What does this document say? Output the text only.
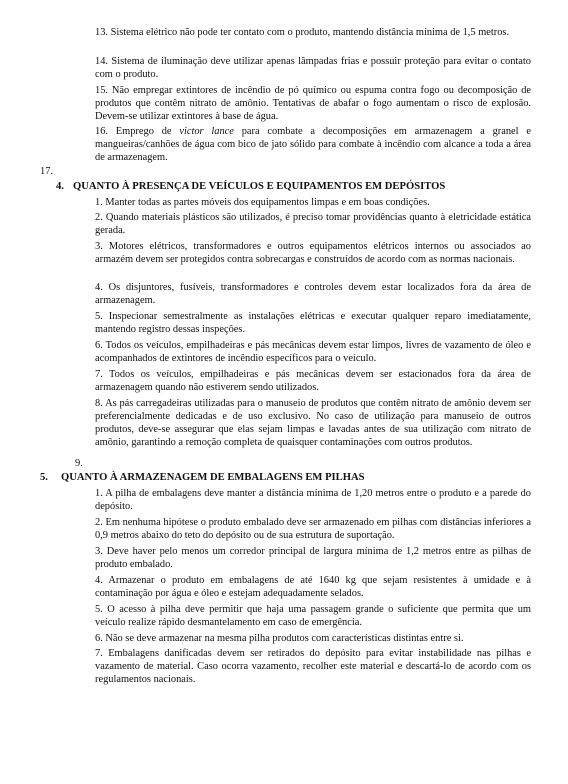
13. Sistema elétrico não pode ter contato com o produto, mantendo distância mínima de 1,5 metros.
14. Sistema de iluminação deve utilizar apenas lâmpadas frias e possuir proteção para evitar o contato com o produto.
15. Não empregar extintores de incêndio de pó químico ou espuma contra fogo ou decomposição de produtos que contêm nitrato de amônio. Tentativas de abafar o fogo aumentam o risco de explosão. Devem-se utilizar extintores à base de água.
16. Emprego de victor lance para combate a decomposições em armazenagem a granel e mangueiras/canhões de água com bico de jato sólido para combate à incêndio com alcance a toda a área de armazenagem.
17.
4. QUANTO À PRESENÇA DE VEÍCULOS E EQUIPAMENTOS EM DEPÓSITOS
1. Manter todas as partes móveis dos equipamentos limpas e em boas condições.
2. Quando materiais plásticos são utilizados, é preciso tomar providências quanto à eletricidade estática gerada.
3. Motores elétricos, transformadores e outros equipamentos elétricos internos ou associados ao armazém devem ser protegidos contra sobrecargas e construídos de acordo com as normas nacionais.
4. Os disjuntores, fusíveis, transformadores e controles devem estar localizados fora da área de armazenagem.
5. Inspecionar semestralmente as instalações elétricas e executar qualquer reparo imediatamente, mantendo registro dessas inspeções.
6. Todos os veículos, empilhadeiras e pás mecânicas devem estar limpos, livres de vazamento de óleo e acompanhados de extintores de incêndio específicos para o veículo.
7. Todos os veículos, empilhadeiras e pás mecânicas devem ser estacionados fora da área de armazenagem quando não estiverem sendo utilizados.
8. As pás carregadeiras utilizadas para o manuseio de produtos que contêm nitrato de amônio devem ser preferencialmente dedicadas e de uso exclusivo. No caso de utilização para manuseio de outros produtos, deve-se assegurar que elas sejam limpas e lavadas antes de sua utilização com nitrato de amônio, garantindo a remoção completa de quaisquer contaminações com outros produtos.
9.
5. QUANTO À ARMAZENAGEM DE EMBALAGENS EM PILHAS
1. A pilha de embalagens deve manter a distância mínima de 1,20 metros entre o produto e a parede do depósito.
2. Em nenhuma hipótese o produto embalado deve ser armazenado em pilhas com distâncias inferiores a 0,9 metros abaixo do teto do depósito ou de sua estrutura de suportação.
3. Deve haver pelo menos um corredor principal de largura mínima de 1,2 metros entre as pilhas de produto embalado.
4. Armazenar o produto em embalagens de até 1640 kg que sejam resistentes à umidade e à contaminação por água e óleo e estejam adequadamente selados.
5. O acesso à pilha deve permitir que haja uma passagem grande o suficiente que permita que um veículo realize rápido desmantelamento em caso de emergência.
6. Não se deve armazenar na mesma pilha produtos com características distintas entre si.
7. Embalagens danificadas devem ser retirados do depósito para evitar instabilidade nas pilhas e vazamento de material. Caso ocorra vazamento, recolher este material e descartá-lo de acordo com os regulamentos nacionais.
